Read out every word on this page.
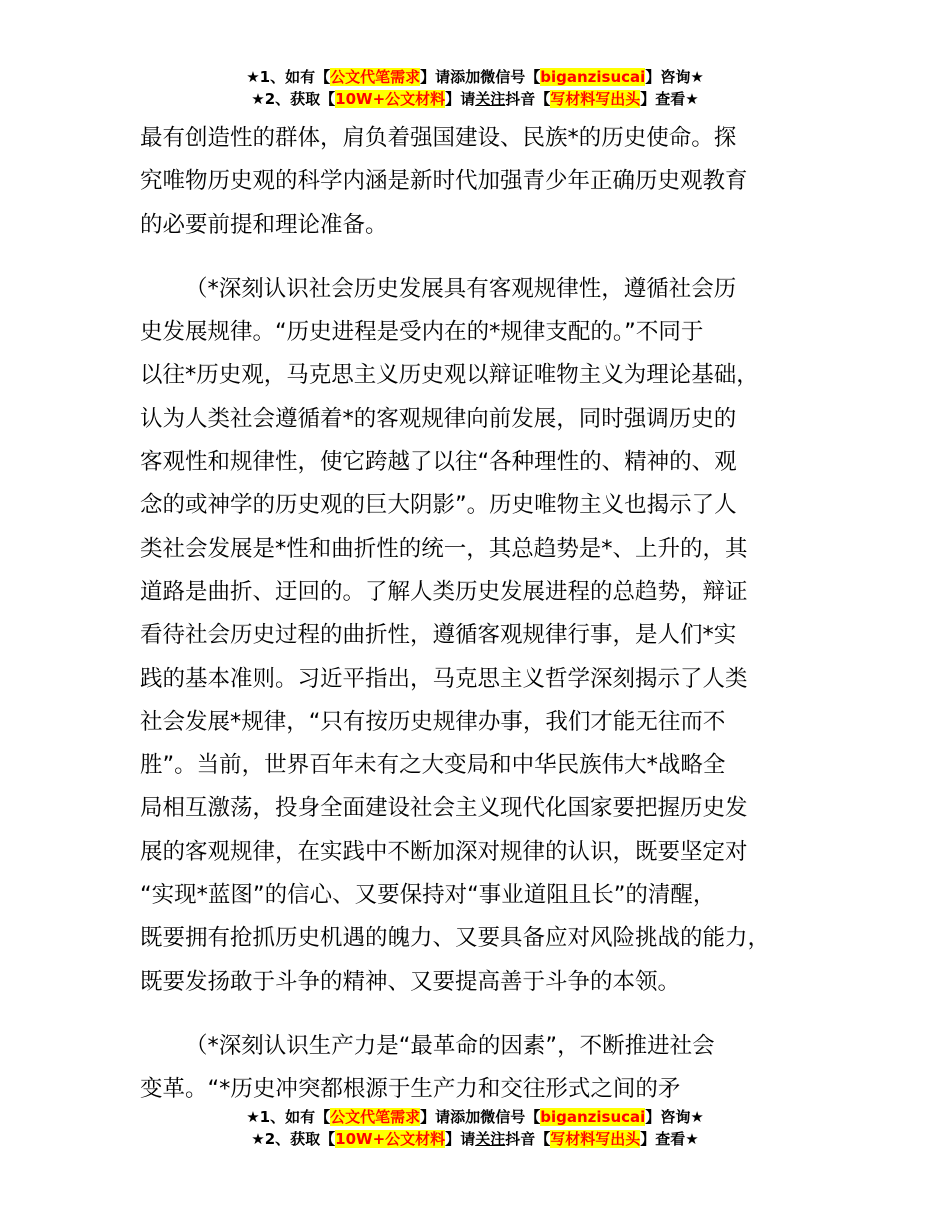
★1、如有【公文代笔需求】请添加微信号【biganzisucai】咨询★
★2、获取【10W+公文材料】请关注抖音【写材料写出头】查看★
最有创造性的群体，肩负着强国建设、民族*的历史使命。探
究唯物历史观的科学内涵是新时代加强青少年正确历史观教育
的必要前提和理论准备。
（*深刻认识社会历史发展具有客观规律性，遵循社会历
史发展规律。“历史进程是受内在的*规律支配的。”不同于
以往*历史观，马克思主义历史观以辩证唯物主义为理论基础，
认为人类社会遵循着*的客观规律向前发展，同时强调历史的
客观性和规律性，使它跨越了以往“各种理性的、精神的、观
念的或神学的历史观的巨大阴影”。历史唯物主义也揭示了人
类社会发展是*性和曲折性的统一，其总趋势是*、上升的，其
道路是曲折、迂回的。了解人类历史发展进程的总趋势，辩证
看待社会历史过程的曲折性，遵循客观规律行事，是人们*实
践的基本准则。习近平指出，马克思主义哲学深刻揭示了人类
社会发展*规律，“只有按历史规律办事，我们才能无往而不
胜”。当前，世界百年未有之大变局和中华民族伟大*战略全
局相互激荡，投身全面建设社会主义现代化国家要把握历史发
展的客观规律，在实践中不断加深对规律的认识，既要坚定对
“实现*蓝图”的信心、又要保持对“事业道阻且长”的清醒，
既要拥有抢抓历史机遇的魄力、又要具备应对风险挑战的能力，
既要发扬敢于斗争的精神、又要提高善于斗争的本领。
（*深刻认识生产力是“最革命的因素”，不断推进社会
变革。“*历史冲突都根源于生产力和交往形式之间的矛
★1、如有【公文代笔需求】请添加微信号【biganzisucai】咨询★
★2、获取【10W+公文材料】请关注抖音【写材料写出头】查看★
